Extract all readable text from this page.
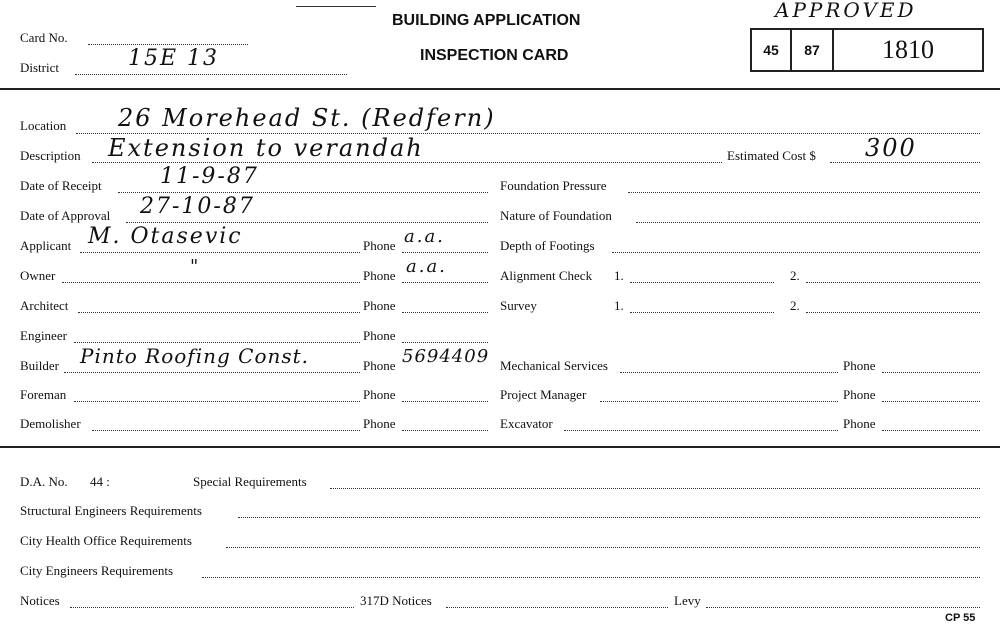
Card No.
District	15E 13
BUILDING APPLICATION
INSPECTION CARD
APPROVED
45	87	1810
Location 26 Morehead St. (Redfern)
Description Extension to verandah	Estimated Cost $ 300
Date of Receipt	11-9-87
Date of Approval 27-10-87
Applicant M. Otasevic	Phone a.a.
Owner	"	Phone a.a.
Architect	Phone
Engineer	Phone
Builder Pinto Roofing Const.	Phone 5694409
Foreman	Phone
Demolisher	Phone
Foundation Pressure
Nature of Foundation
Depth of Footings
Alignment Check 1.	2.
Survey	1.	2.
Mechanical Services	Phone
Project Manager	Phone
Excavator	Phone
D.A. No. 44 :	Special Requirements
Structural Engineers Requirements
City Health Office Requirements
City Engineers Requirements
Notices	317D Notices	Levy
CP 55
